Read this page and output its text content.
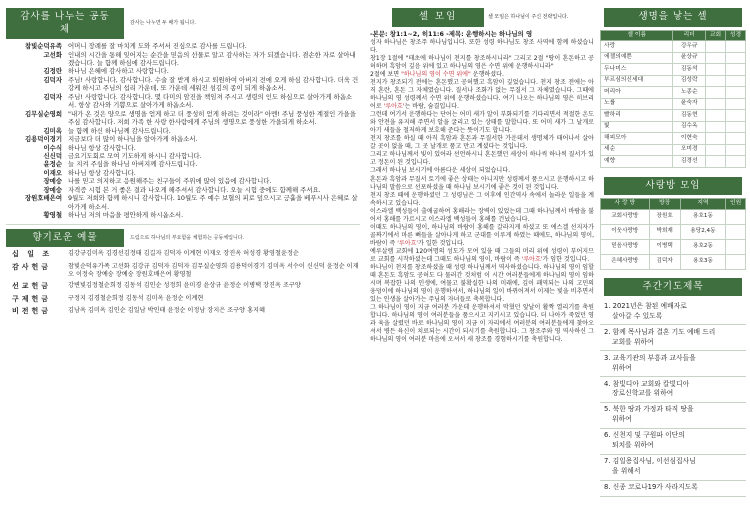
감사를 나누는 공동체
감사는 나누면 두 배가 됩니다.
참빛순덕유족 어머니 장례를 잘 마치게 도와 주셔서 진심으로 감사를 드립니다.
고선화 인내의 시간을 통해 잊어지는 순간을 믿음의 선물로 알고 감사하는 자가 되겠습니다. 겸손한 자로 살아내겠습니다. 늘 함께 하심에 감사드립니다.
김정란 하나님 은혜에 감사하고 사랑합니다.
김덕자 주님! 사랑합니다, 감사합니다. 수술 잘 받게 하시고 퇴원하여 아버지 전에 오게 하심 감사합니다. 더욱 건강케 하시고 주님의 섭리 가운데, 또 가운데 세워진 섬김의 종이 되게 하옵소서.
김덕자 주님! 사랑합니다. 감사합니다. 몇 다미의 암진을 책임져 주시고 생령의 인도 하심으로 살아가게 하옵소서. 항상 감사와 기쁨으로 살아가게 하옵소서.
김무실순영희 "내가 온 것은 양으로 생명을 얻게 하고 더 풍성히 얻게 하려는 것이라" 아멘! 주님 풍성한 계절인 가을을 주심 감사합니다. 저희 가족 한 사랑 한사람에게 주님의 생명으로 풍성한 가을되게 하소서.
김미옥 늘 함께 하신 하나님께 감사드립니다.
김용덕이경기 지금보다 더 많이 하나님을 알아가게 하옵소서.
이수식 하나님 항상 감사합니다.
신신덕 금요기도회로 모여 기도하게 하시니 감사합니다.
윤정순 늘 지켜 주심을 하나님 아버지께 감사드립니다.
이재오 하나님 항상 감사합니다.
장예숭 나를 믿고 의지하고 응원해주는 친구들이 주위에 많이 있음에 감사합니다.
장예숭 자격증 시험 본 거 좋은 결과 나오게 해주셔서 감사합니다. 오늘 시험 중에도 함께해 주셔요.
장원호배은여 9월도 저희와 함께 하시니 감사합니다. 10월도 주 예수 보혈의 피로 덮으시고 긍휼을 베푸시사 은혜로 살아가게 하소서.
황영철 하나님 저의 마음을 평안하게 하시옵소서.
향기로운 예물	드림으로 하나님의 부요함을 체험하는 공동체입니다.
십 일 조	김강규김미옥 김경선김정태 김길자 김덕자 이계현 이재오 장진옥 허성경 황영철윤정순
감사헌금	참빛순덕유가족 고선화 김강규 김덕자 김덕자 김무실순영희 김용덕이경기 김미옥 서수이 신신덕 윤정순 이재오 이정숙 장예숭 장예숭 장원호배은여 황영철
선교헌금	강변빛김정철순희정 김동석 김인순 성정희 윤미경 윤상규 윤정순 이병택 장진옥 조구양
구제헌금	구정지 김경철순희정 김동석 김미옥 윤정순 이계현
비전헌금	김남옥 김미옥 김인순 김일남 박인태 윤정순 이정남 장지은 조구양 홍지혜
셀 모임	셀 모임은 하나님이 주신 전략입니다.
-본문: 창1:1~2, 히11:6 -제목: 운행하시는 하나님의 영

성자 하나님은 창조주 하나님입니다. 또한 성령 하나님도 창조 사역에 함께 하셨습니다.

창1장 1절에 "태초에 하나님이 천지를 창조하시니라" 그리고 2절 "땅이 혼돈하고 공허하며 흑암이 깊음 위에 있고 하나님의 영은 수면 위에 운행하시니라"

2절에 보면 "하나님의 영이 수면 위에" 운행하셨다.

천지가 창조되기 전에는 혼돈했고 공허했고 흑암이 깊었습니다. 천지 창조 전에는 아직 혼란, 혼돈 그 자체였습니다. 질서나 조화가 없는 무질서 그 자체였습니다. 그때에 하나님의 영 성령께서 수면 위에 운행하셨습니다. 여기 나오는 하나님의 영은 히브리어로 '루아흐'는 바람, 숨결입니다.

그런데 여기서 운행하다는 단어는 어미 새가 알이 부화되기를 기다리면서 적절한 온도와 안전을 유지해 주면서 알을 굴리고 있는 상태를 말합니다. 또 어미 새가 그 날개로 아기 새들을 철저하게 보호해 준다는 뜻이기도 합니다.

천지 창조를 하실 때 아직 흑암과 혼돈과 무질서한 가운데서 생명체가 태어나서 살아갈 곳이 없을 때, 그 곳 날개로 품고 만고 계셨다는 것입니다.

그리고 하나님께서 빛이 있어라 선언하시니 혼돈했던 세상이 하나씩 하나씩 질서가 있고 정돈이 된 것입니다.

그래서 하나님 보시기에 아름다운 세상이 되었습니다.

혼돈과 흑암과 무질서 토기에 좋은 상태는 아니지만 성령께서 품으시고 운행하시고 하나님의 말씀으로 선포하셨을 때 하나님 보시기에 좋은 것이 된 것입니다.

천지 창조 때에 운행하셨던 그 성령님은 그 이후에 인간역사 속에서 놀라운 일들을 계속하시고 있습니다.

이스라엘 백성들이 출애굽하여 홍해라는 장벽이 있었는데 그때 하나님께서 바람을 불어서 홍해를 가르시고 이스라엘 백성들이 홍해를 건넜습니다.

이때도 하나님의 영이, 하나님의 바람이 홍해를 갈라지게 하셨고 또 에스겔 선지자가 골짜기에서 마른 뼈들을 살아나게 하고 군대를 이루게 하였는 때에도, 하나님의 영이, 바람이 즉 '루아흐'가 일한 것입니다.

예루살렘 교회에 120여명의 성도가 모여 있을 때 그들의 머리 위에 성령이 부어지므로 교회를 시작하셨는데 그때도 하나님의 영이, 바람이 즉 '루아흐'가 임한 것입니다.

하나님이 천지를 창조하셨을 때 성령 하나님께서 역사하셨습니다. 하나님의 영이 임할 때 혼돈도 흑암도 공허도 다 물러간 것처럼 이 시간 여러분들에게 하나님의 영이 임하시며 복잡한 나의 인생에, 여물고 불확실한 나의 미래에, 깊이 패역되는 나의 고민의 웅덩이에 하나님의 영이 운행하셔서, 하나님의 일이 바뀌어져서 이제는 빛을 비추면서 있는 인생을 살아가는 주님의 자녀들로 축복합니다.

그 하나님이 영이 지금 여러분 가운데 운행하셔서 막혔던 앞날이 활짝 열리기를 축원합니다. 하나님의 영이 여러분들을 품으시고 지키시고 있습니다. 더 나아가 죽었던 영과 육을 살렸던 바로 하나님의 영이 지금 이 자리에서 여러분의 여러분들에게 찾아오셔서 병든 육신이 치료되는 시간이 되시기를 축원합니다. 그 창조주와 영 역사하신 그 하나님의 영이 여러분 마음에 오셔서 새 창조를 경험하시기를 축원합니다.

생명을 낳는 셀
셀 이름	리더	교회	성경
사랑	강우규		
에젤의예쁜	윤상규		
두나미스	김동석		
부르심의신세대	김성락		
머리아	노종순		
노룹	윤숙자		
빨하리	김동현		
빛	김수옥		
해피모아	이현숙		
세순	오미경		
예향	김경선		
사랑방 모임
사 랑 방	방장	지역	인원
교회사랑방	장원호	용호1동	
이웃사랑방	박희재	용당2,4동	
믿음사랑방	이병택	용호2동	
은혜사랑방	김덕자	용호3동	
주간기도제목
1. 2021년은 참된 예배자로
살아갈 수 있도록
2. 함께 목사님과 결혼 기도 예배 드리
교회를 위하여
3. 교육기관의 부흥과 교사들을
위하여
4. 참빛디아 교회와 칼빛디아
장로신학교를 위하여
5. 북한 땅과 가정과 타직 땅을
위하여
6. 신천지 및 구원파 이단의
퇴치를 위하여
7. 김일용집사님, 이선심집사님
을 위해서
8. 신종 코로나19가 사라지도록
